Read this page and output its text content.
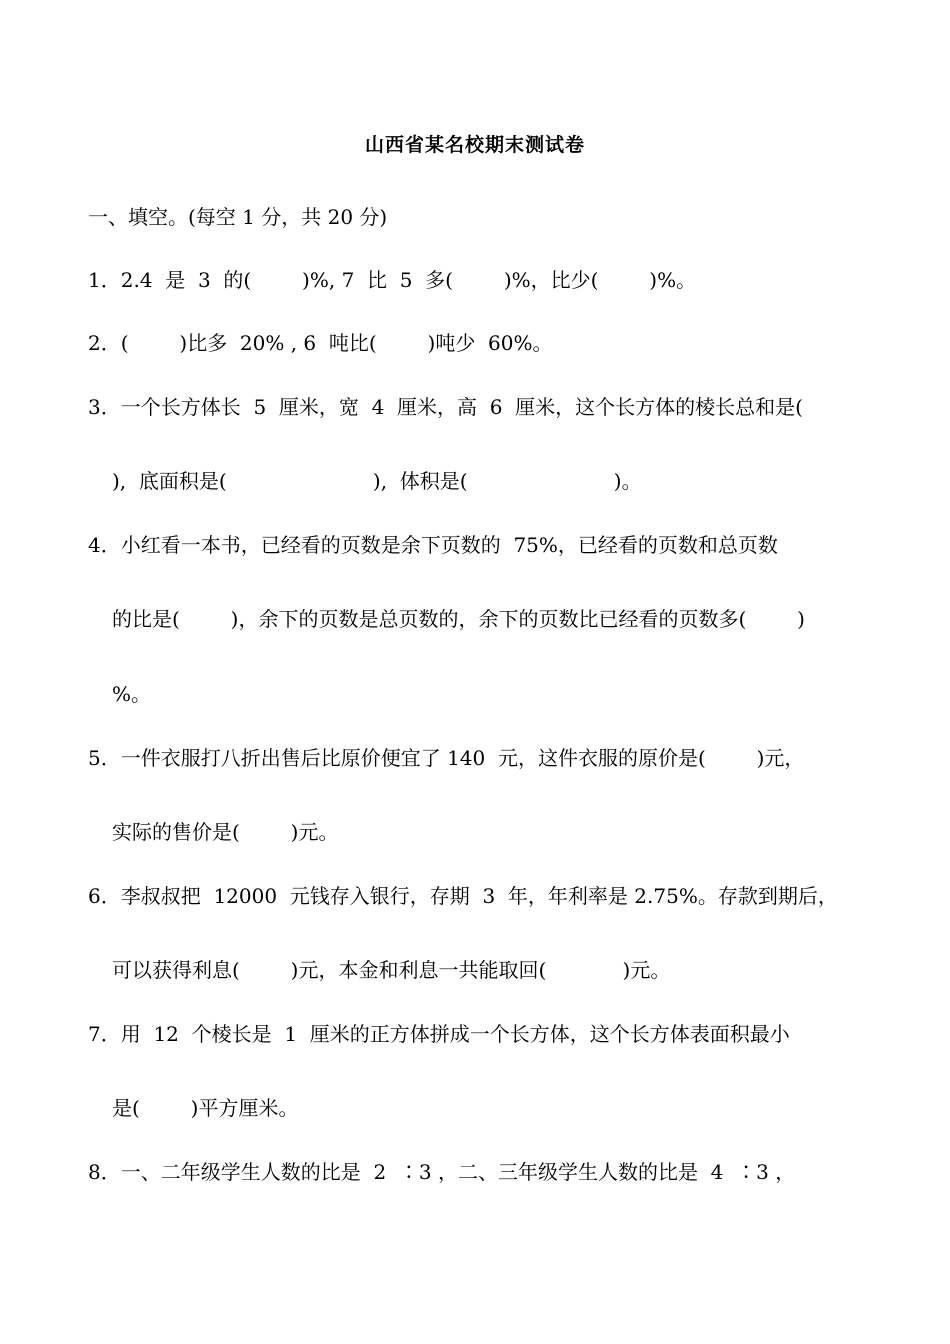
山西省某名校期末测试卷
一、填空。(每空 1 分，共 20 分)
1．2.4  是  3  的(        )%, 7  比  5  多(        )%，比少(        )%。
2．(        )比多  20% , 6  吨比(        )吨少  60%。
3．一个长方体长  5  厘米，宽  4  厘米，高  6  厘米，这个长方体的棱长总和是(
),  底面积是(                       ),  体积是(                       )。
4．小红看一本书，已经看的页数是余下页数的  75%，已经看的页数和总页数
的比是(        )，余下的页数是总页数的，余下的页数比已经看的页数多(        )
%。
5．一件衣服打八折出售后比原价便宜了 140  元，这件衣服的原价是(        )元，
实际的售价是(        )元。
6．李叔叔把  12000  元钱存入银行，存期  3  年，年利率是 2.75%。存款到期后，
可以获得利息(        )元，本金和利息一共能取回(            )元。
7．用  12  个棱长是  1  厘米的正方体拼成一个长方体，这个长方体表面积最小
是(        )平方厘米。
8．一、二年级学生人数的比是  2  ∶3 ，二、三年级学生人数的比是  4  ∶3 ，
